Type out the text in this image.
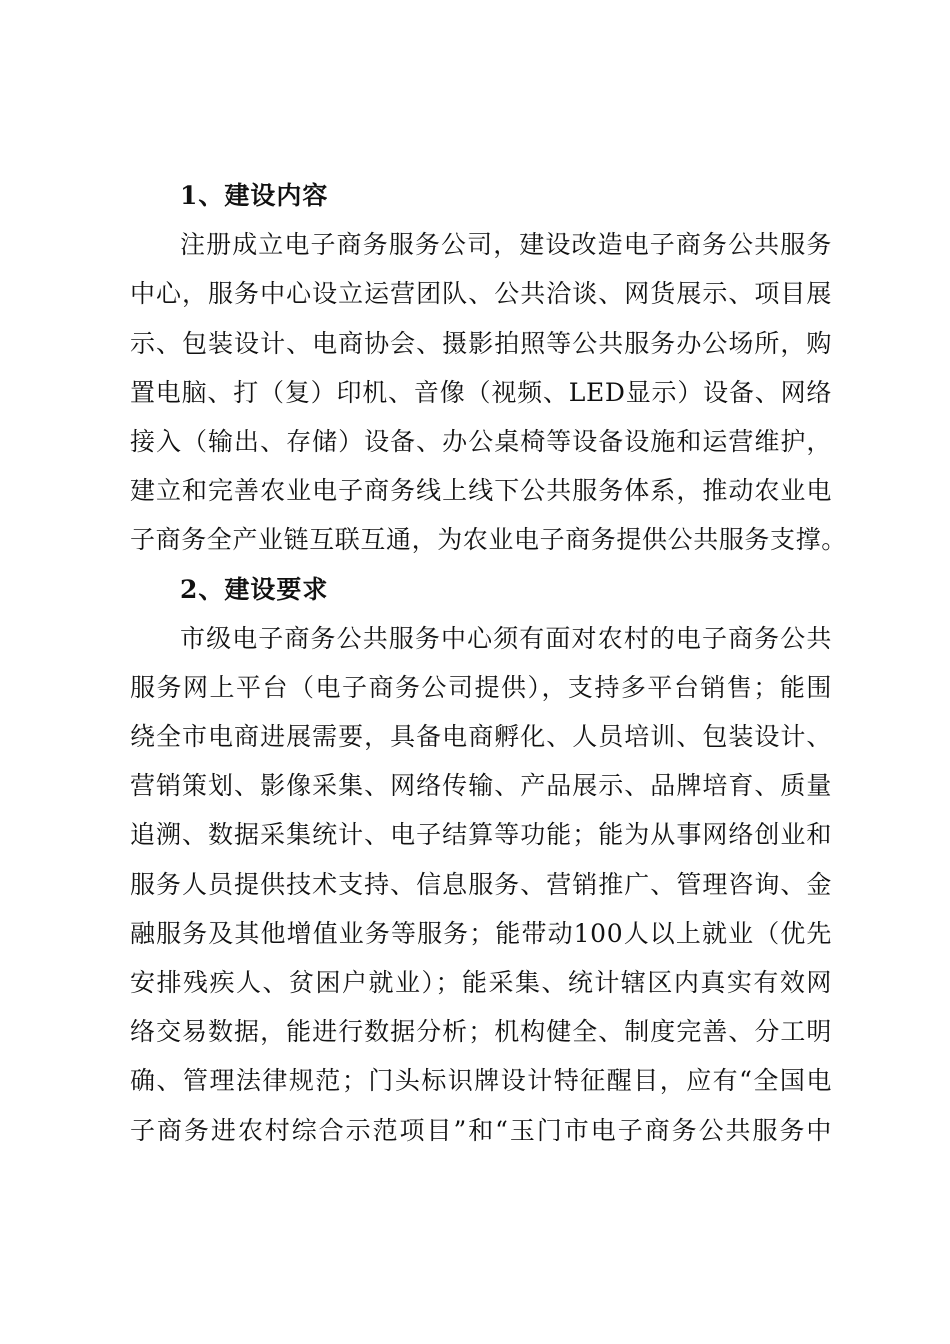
1、建设内容
注册成立电子商务服务公司，建设改造电子商务公共服务
中心，服务中心设立运营团队、公共洽谈、网货展示、项目展
示、包装设计、电商协会、摄影拍照等公共服务办公场所，购
置电脑、打（复）印机、音像（视频、LED显示）设备、网络
接入（输出、存储）设备、办公桌椅等设备设施和运营维护，
建立和完善农业电子商务线上线下公共服务体系，推动农业电
子商务全产业链互联互通，为农业电子商务提供公共服务支撑。
2、建设要求
市级电子商务公共服务中心须有面对农村的电子商务公共
服务网上平台（电子商务公司提供），支持多平台销售；能围
绕全市电商进展需要，具备电商孵化、人员培训、包装设计、
营销策划、影像采集、网络传输、产品展示、品牌培育、质量
追溯、数据采集统计、电子结算等功能；能为从事网络创业和
服务人员提供技术支持、信息服务、营销推广、管理咨询、金
融服务及其他增值业务等服务；能带动100人以上就业（优先
安排残疾人、贫困户就业）；能采集、统计辖区内真实有效网
络交易数据，能进行数据分析；机构健全、制度完善、分工明
确、管理法律规范；门头标识牌设计特征醒目，应有“全国电
子商务进农村综合示范项目”和“玉门市电子商务公共服务中
